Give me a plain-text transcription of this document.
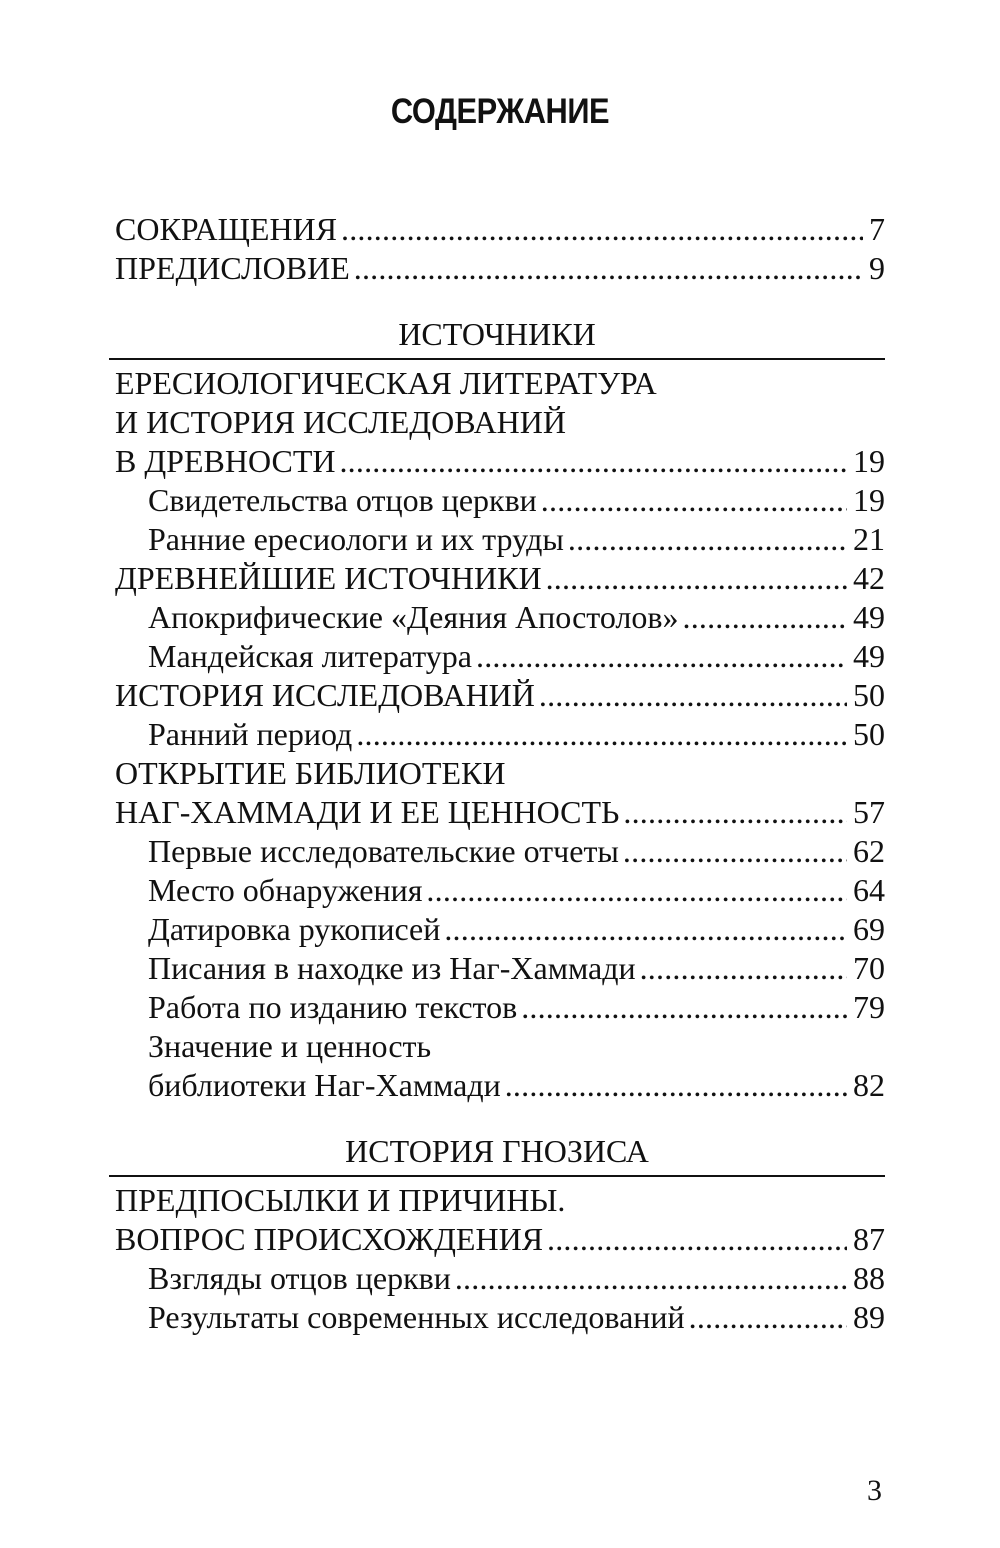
СОДЕРЖАНИЕ
СОКРАЩЕНИЯ . . .	7
ПРЕДИСЛОВИЕ . . .	9
ИСТОЧНИКИ
ЕРЕСИОЛОГИЧЕСКАЯ ЛИТЕРАТУРА
И ИСТОРИЯ ИССЛЕДОВАНИЙ
В ДРЕВНОСТИ . . .	19
Свидетельства отцов церкви . . .	19
Ранние ересиологи и их труды . . .	21
ДРЕВНЕЙШИЕ ИСТОЧНИКИ . . .	42
Апокрифические «Деяния Апостолов» . . .	49
Мандейская литература . . .	49
ИСТОРИЯ ИССЛЕДОВАНИЙ . . .	50
Ранний период . . .	50
ОТКРЫТИЕ БИБЛИОТЕКИ
НАГ-ХАММАДИ И ЕЕ ЦЕННОСТЬ . . .	57
Первые исследовательские отчеты . . .	62
Место обнаружения . . .	64
Датировка рукописей . . .	69
Писания в находке из Наг-Хаммади . . .	70
Работа по изданию текстов . . .	79
Значение и ценность
библиотеки Наг-Хаммади . . .	82
ИСТОРИЯ ГНОЗИСА
ПРЕДПОСЫЛКИ И ПРИЧИНЫ.
ВОПРОС ПРОИСХОЖДЕНИЯ . . .	87
Взгляды отцов церкви . . .	88
Результаты современных исследований . . .	89
3
